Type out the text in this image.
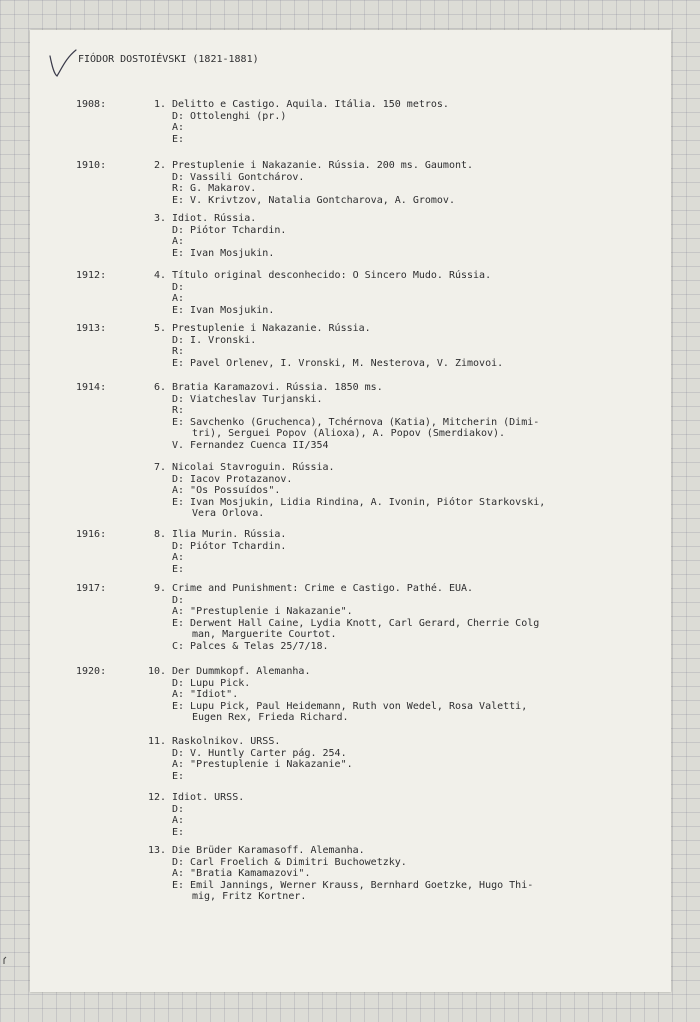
FIÓDOR DOSTOIÉVSKI (1821-1881)
1908:	1. Delitto e Castigo. Aquila. Itália. 150 metros.
D: Ottolenghi (pr.)
A:
E:
1910:	2. Prestuplenie i Nakazanie. Rússia. 200 ms. Gaumont.
D: Vassili Gontchárov.
R: G. Makarov.
E: V. Krivtzov, Natalia Gontcharova, A. Gromov.
3. Idiot. Rússia.
D: Piótor Tchardin.
A:
E: Ivan Mosjukin.
1912:	4. Título original desconhecido: O Sincero Mudo. Rússia.
D:
A:
E: Ivan Mosjukin.
1913:	5. Prestuplenie i Nakazanie. Rússia.
D: I. Vronski.
R:
E: Pavel Orlenev, I. Vronski, M. Nesterova, V. Zimovoi.
1914:	6. Bratia Karamazovi. Rússia. 1850 ms.
D: Viatcheslav Turjanski.
R:
E: Savchenko (Gruchenca), Tchérnova (Katia), Mitcherin (Dimi-
tri), Serguei Popov (Alioxa), A. Popov (Smerdiakov).
V. Fernandez Cuenca II/354
7. Nicolai Stavroguin. Rússia.
D: Iacov Protazanov.
A: "Os Possuídos".
E: Ivan Mosjukin, Lidia Rindina, A. Ivonin, Piótor Starkovski,
Vera Orlova.
1916:	8. Ilia Murin. Rússia.
D: Piótor Tchardin.
A:
E:
1917:	9. Crime and Punishment: Crime e Castigo. Pathé. EUA.
D:
A: "Prestuplenie i Nakazanie".
E: Derwent Hall Caine, Lydia Knott, Carl Gerard, Cherrie Colg
man, Marguerite Courtot.
C: Palces & Telas 25/7/18.
1920:	10. Der Dummkopf. Alemanha.
D: Lupu Pick.
A: "Idiot".
E: Lupu Pick, Paul Heidemann, Ruth von Wedel, Rosa Valetti,
Eugen Rex, Frieda Richard.
11. Raskolnikov. URSS.
D: V. Huntly Carter pág. 254.
A: "Prestuplenie i Nakazanie".
E:
12. Idiot. URSS.
D:
A:
E:
13. Die Brüder Karamasoff. Alemanha.
D: Carl Froelich & Dimitri Buchowetzky.
A: "Bratia Kamamazovi".
E: Emil Jannings, Werner Krauss, Bernhard Goetzke, Hugo Thi-
mig, Fritz Kortner.
